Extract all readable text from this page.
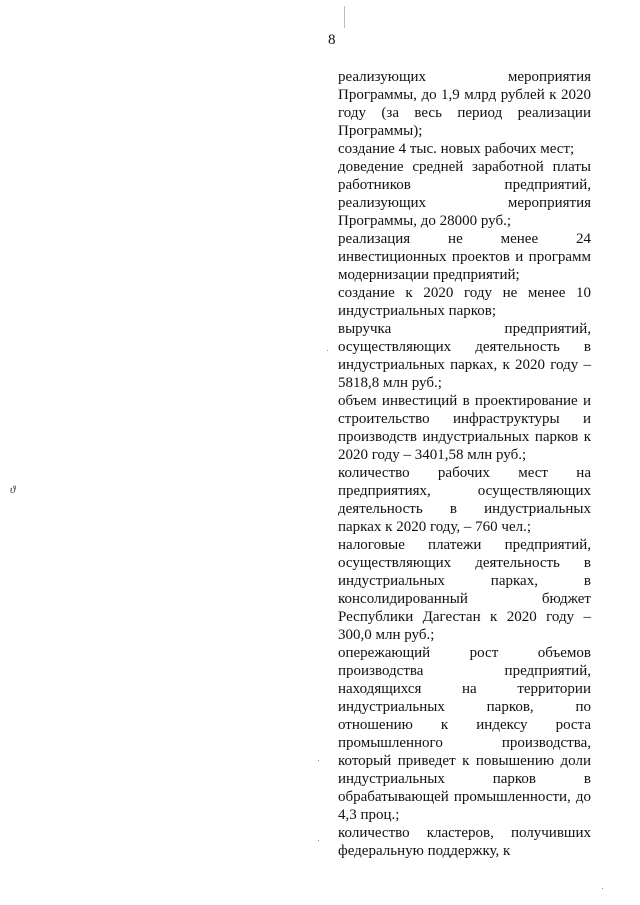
8
ϑ

реализующих мероприятия Программы, до 1,9 млрд рублей к 2020 году (за весь период реализации Программы);

создание 4 тыс. новых рабочих мест;

доведение средней заработной платы работников предприятий, реализующих мероприятия Программы, до 28000 руб.;

реализация не менее 24 инвестиционных проектов и программ модернизации предприятий;

создание к 2020 году не менее 10 индустриальных парков;

выручка предприятий, осуществляющих деятельность в индустриальных парках, к 2020 году – 5818,8 млн руб.;

объем инвестиций в проектирование и строительство инфраструктуры и производств индустриальных парков к 2020 году – 3401,58 млн руб.;

количество рабочих мест на предприятиях, осуществляющих деятельность в индустриальных парках к 2020 году, – 760 чел.;

налоговые платежи предприятий, осуществляющих деятельность в индустриальных парках, в консолидированный бюджет Республики Дагестан к 2020 году – 300,0 млн руб.;

опережающий рост объемов производства предприятий, находящихся на территории индустриальных парков, по отношению к индексу роста промышленного производства, который приведет к повышению доли индустриальных парков в обрабатывающей промышленности, до 4,3 проц.;

количество кластеров, получивших федеральную поддержку, к
